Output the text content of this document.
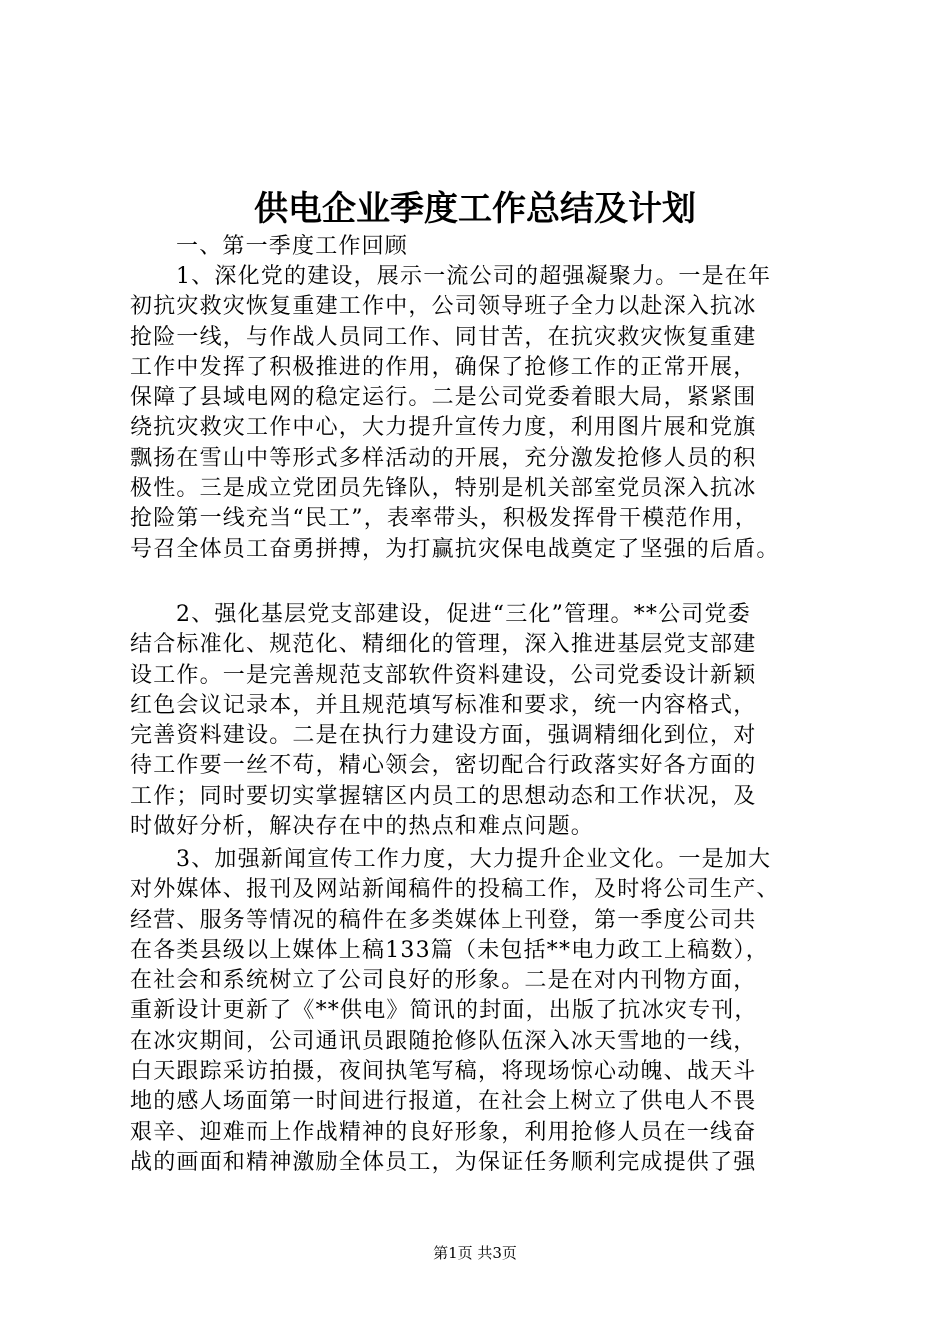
供电企业季度工作总结及计划
一、第一季度工作回顾
1、深化党的建设，展示一流公司的超强凝聚力。一是在年
初抗灾救灾恢复重建工作中，公司领导班子全力以赴深入抗冰
抢险一线，与作战人员同工作、同甘苦，在抗灾救灾恢复重建
工作中发挥了积极推进的作用，确保了抢修工作的正常开展，
保障了县域电网的稳定运行。二是公司党委着眼大局，紧紧围
绕抗灾救灾工作中心，大力提升宣传力度，利用图片展和党旗
飘扬在雪山中等形式多样活动的开展，充分激发抢修人员的积
极性。三是成立党团员先锋队，特别是机关部室党员深入抗冰
抢险第一线充当“民工”，表率带头，积极发挥骨干模范作用，
号召全体员工奋勇拼搏，为打赢抗灾保电战奠定了坚强的后盾。
2、强化基层党支部建设，促进“三化”管理。**公司党委
结合标准化、规范化、精细化的管理，深入推进基层党支部建
设工作。一是完善规范支部软件资料建设，公司党委设计新颖
红色会议记录本，并且规范填写标准和要求，统一内容格式，
完善资料建设。二是在执行力建设方面，强调精细化到位，对
待工作要一丝不苟，精心领会，密切配合行政落实好各方面的
工作；同时要切实掌握辖区内员工的思想动态和工作状况，及
时做好分析，解决存在中的热点和难点问题。
3、加强新闻宣传工作力度，大力提升企业文化。一是加大
对外媒体、报刊及网站新闻稿件的投稿工作，及时将公司生产、
经营、服务等情况的稿件在多类媒体上刊登，第一季度公司共
在各类县级以上媒体上稿133篇（未包括**电力政工上稿数），
在社会和系统树立了公司良好的形象。二是在对内刊物方面，
重新设计更新了《**供电》简讯的封面，出版了抗冰灾专刊，
在冰灾期间，公司通讯员跟随抢修队伍深入冰天雪地的一线，
白天跟踪采访拍摄，夜间执笔写稿，将现场惊心动魄、战天斗
地的感人场面第一时间进行报道，在社会上树立了供电人不畏
艰辛、迎难而上作战精神的良好形象，利用抢修人员在一线奋
战的画面和精神激励全体员工，为保证任务顺利完成提供了强
第1页 共3页
